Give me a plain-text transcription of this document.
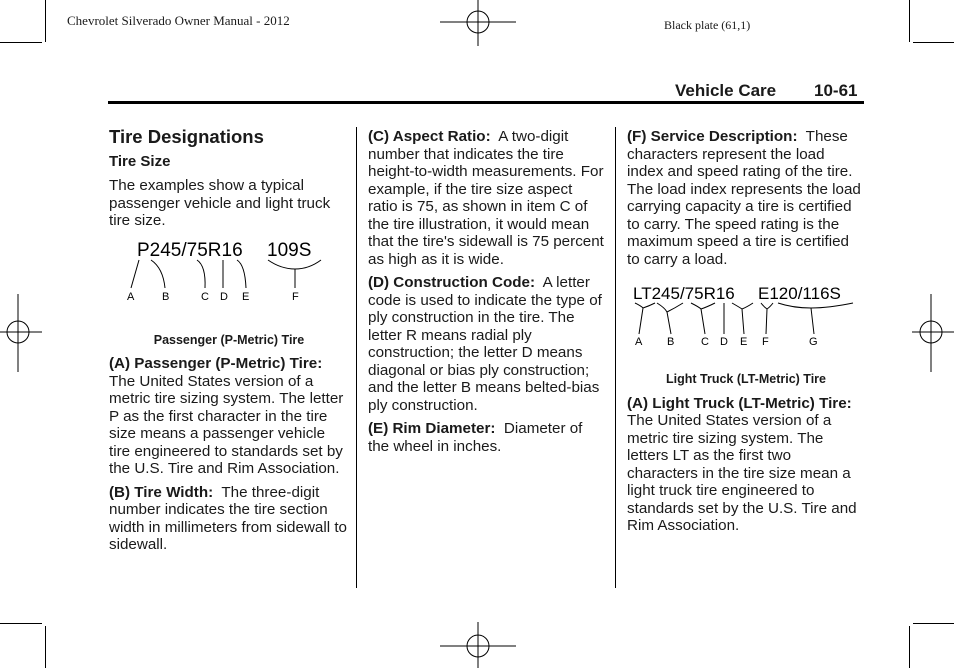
Chevrolet Silverado Owner Manual - 2012	Black plate (61,1)
Vehicle Care 10-61
Tire Designations
Tire Size

The examples show a typical passenger vehicle and light truck tire size.

P245/75R16 109S
A	B	C D E	F
Passenger (P-Metric) Tire

(A) Passenger (P-Metric) Tire: The United States version of a metric tire sizing system. The letter P as the first character in the tire size means a passenger vehicle tire engineered to standards set by the U.S. Tire and Rim Association.

(B) Tire Width: The three-digit number indicates the tire section width in millimeters from sidewall to sidewall.

(C) Aspect Ratio: A two-digit number that indicates the tire height-to-width measurements. For example, if the tire size aspect ratio is 75, as shown in item C of the tire illustration, it would mean that the tire's sidewall is 75 percent as high as it is wide.

(D) Construction Code: A letter code is used to indicate the type of ply construction in the tire. The letter R means radial ply construction; the letter D means diagonal or bias ply construction; and the letter B means belted-bias ply construction.

(E) Rim Diameter: Diameter of the wheel in inches.

(F) Service Description: These characters represent the load index and speed rating of the tire. The load index represents the load carrying capacity a tire is certified to carry. The speed rating is the maximum speed a tire is certified to carry a load.

LT245/75R16 E120/116S
A B C D E F	G
Light Truck (LT-Metric) Tire

(A) Light Truck (LT-Metric) Tire:  The United States version of a metric tire sizing system. The letters LT as the first two characters in the tire size mean a light truck tire engineered to standards set by the U.S. Tire and Rim Association.
